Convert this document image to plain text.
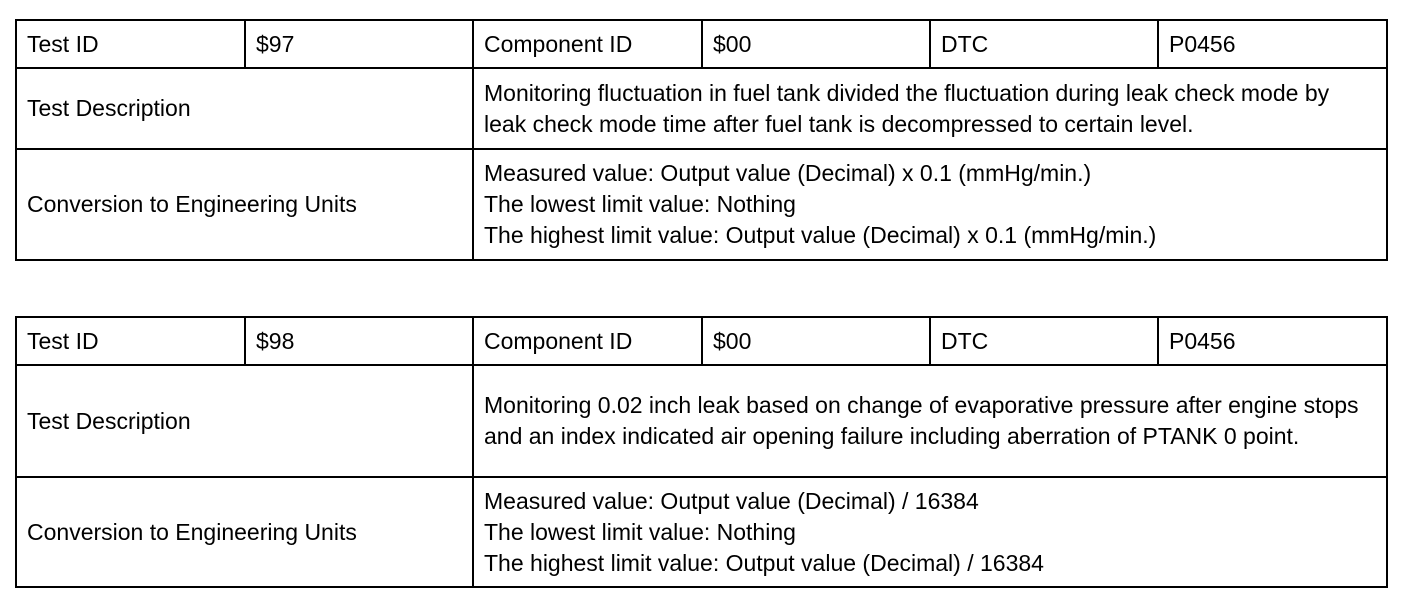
Test ID	$97	Component ID	$00	DTC	P0456
Test Description		Monitoring fluctuation in fuel tank divided the fluctuation during leak check mode by leak check mode time after fuel tank is decompressed to certain level.			
Conversion to Engineering Units		Measured value: Output value (Decimal) x 0.1 (mmHg/min.)
The lowest limit value: Nothing
The highest limit value: Output value (Decimal) x 0.1 (mmHg/min.)			
Test ID	$98	Component ID	$00	DTC	P0456
Test Description		Monitoring 0.02 inch leak based on change of evaporative pressure after engine stops and an index indicated air opening failure including aberration of PTANK 0 point.			
Conversion to Engineering Units		Measured value: Output value (Decimal) / 16384
The lowest limit value: Nothing
The highest limit value: Output value (Decimal) / 16384			
